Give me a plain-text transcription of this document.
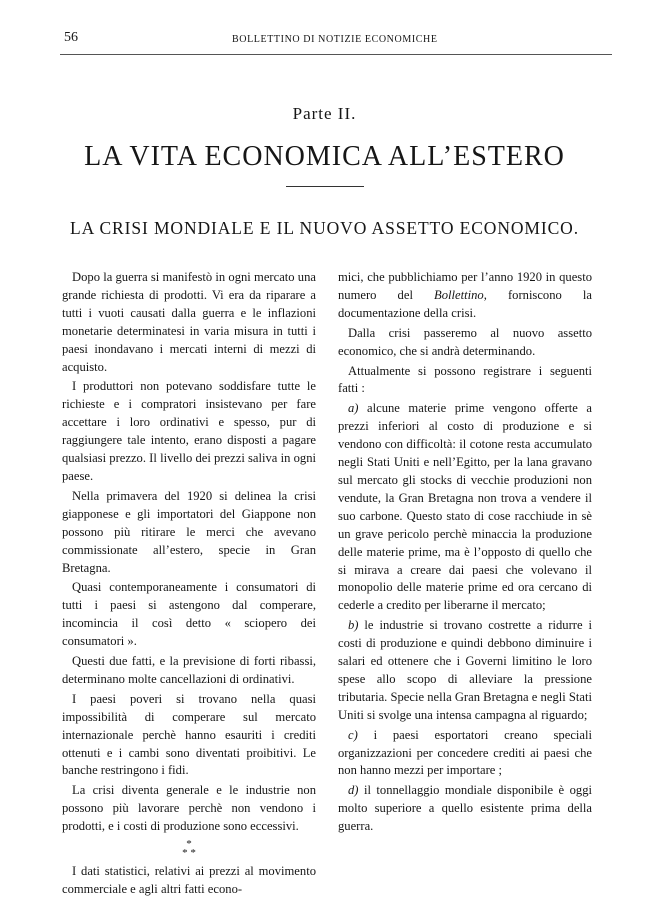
56	BOLLETTINO DI NOTIZIE ECONOMICHE
Parte II.
LA VITA ECONOMICA ALL’ESTERO
LA CRISI MONDIALE E IL NUOVO ASSETTO ECONOMICO.

Dopo la guerra si manifestò in ogni mercato una grande richiesta di prodotti. Vi era da riparare a tutti i vuoti causati dalla guerra e le inflazioni monetarie determinatesi in varia misura in tutti i paesi inondavano i mercati interni di mezzi di acquisto.

I produttori non potevano soddisfare tutte le richieste e i compratori insistevano per fare accettare i loro ordinativi e spesso, pur di raggiungere tale intento, erano disposti a pagare qualsiasi prezzo. Il livello dei prezzi saliva in ogni paese.

Nella primavera del 1920 si delinea la crisi giapponese e gli importatori del Giappone non possono più ritirare le merci che avevano commissionate all’estero, specie in Gran Bretagna.

Quasi contemporaneamente i consumatori di tutti i paesi si astengono dal comperare, incomincia il così detto « sciopero dei consumatori ».

Questi due fatti, e la previsione di forti ribassi, determinano molte cancellazioni di ordinativi.

I paesi poveri si trovano nella quasi impossibilità di comperare sul mercato internazionale perchè hanno esauriti i crediti ottenuti e i cambi sono diventati proibitivi. Le banche restringono i fidi.

La crisi diventa generale e le industrie non possono più lavorare perchè non vendono i prodotti, e i costi di produzione sono eccessivi.

*
* *

I dati statistici, relativi ai prezzi al movimento commerciale e agli altri fatti econo-

mici, che pubblichiamo per l’anno 1920 in questo numero del Bollettino, forniscono la documentazione della crisi.

Dalla crisi passeremo al nuovo assetto economico, che si andrà determinando.

Attualmente si possono registrare i seguenti fatti :

a) alcune materie prime vengono offerte a prezzi inferiori al costo di produzione e si vendono con difficoltà: il cotone resta accumulato negli Stati Uniti e nell’Egitto, per la lana gravano sul mercato gli stocks di vecchie produzioni non vendute, la Gran Bretagna non trova a vendere il suo carbone. Questo stato di cose racchiude in sè un grave pericolo perchè minaccia la produzione delle materie prime, ma è l’opposto di quello che si mirava a creare dai paesi che volevano il monopolio delle materie prime ed ora cercano di cederle a credito per liberarne il mercato;

b) le industrie si trovano costrette a ridurre i costi di produzione e quindi debbono diminuire i salari ed ottenere che i Governi limitino le loro spese allo scopo di alleviare la pressione tributaria. Specie nella Gran Bretagna e negli Stati Uniti si svolge una intensa campagna al riguardo;

c) i paesi esportatori creano speciali organizzazioni per concedere crediti ai paesi che non hanno mezzi per importare ;

d) il tonnellaggio mondiale disponibile è oggi molto superiore a quello esistente prima della guerra.
